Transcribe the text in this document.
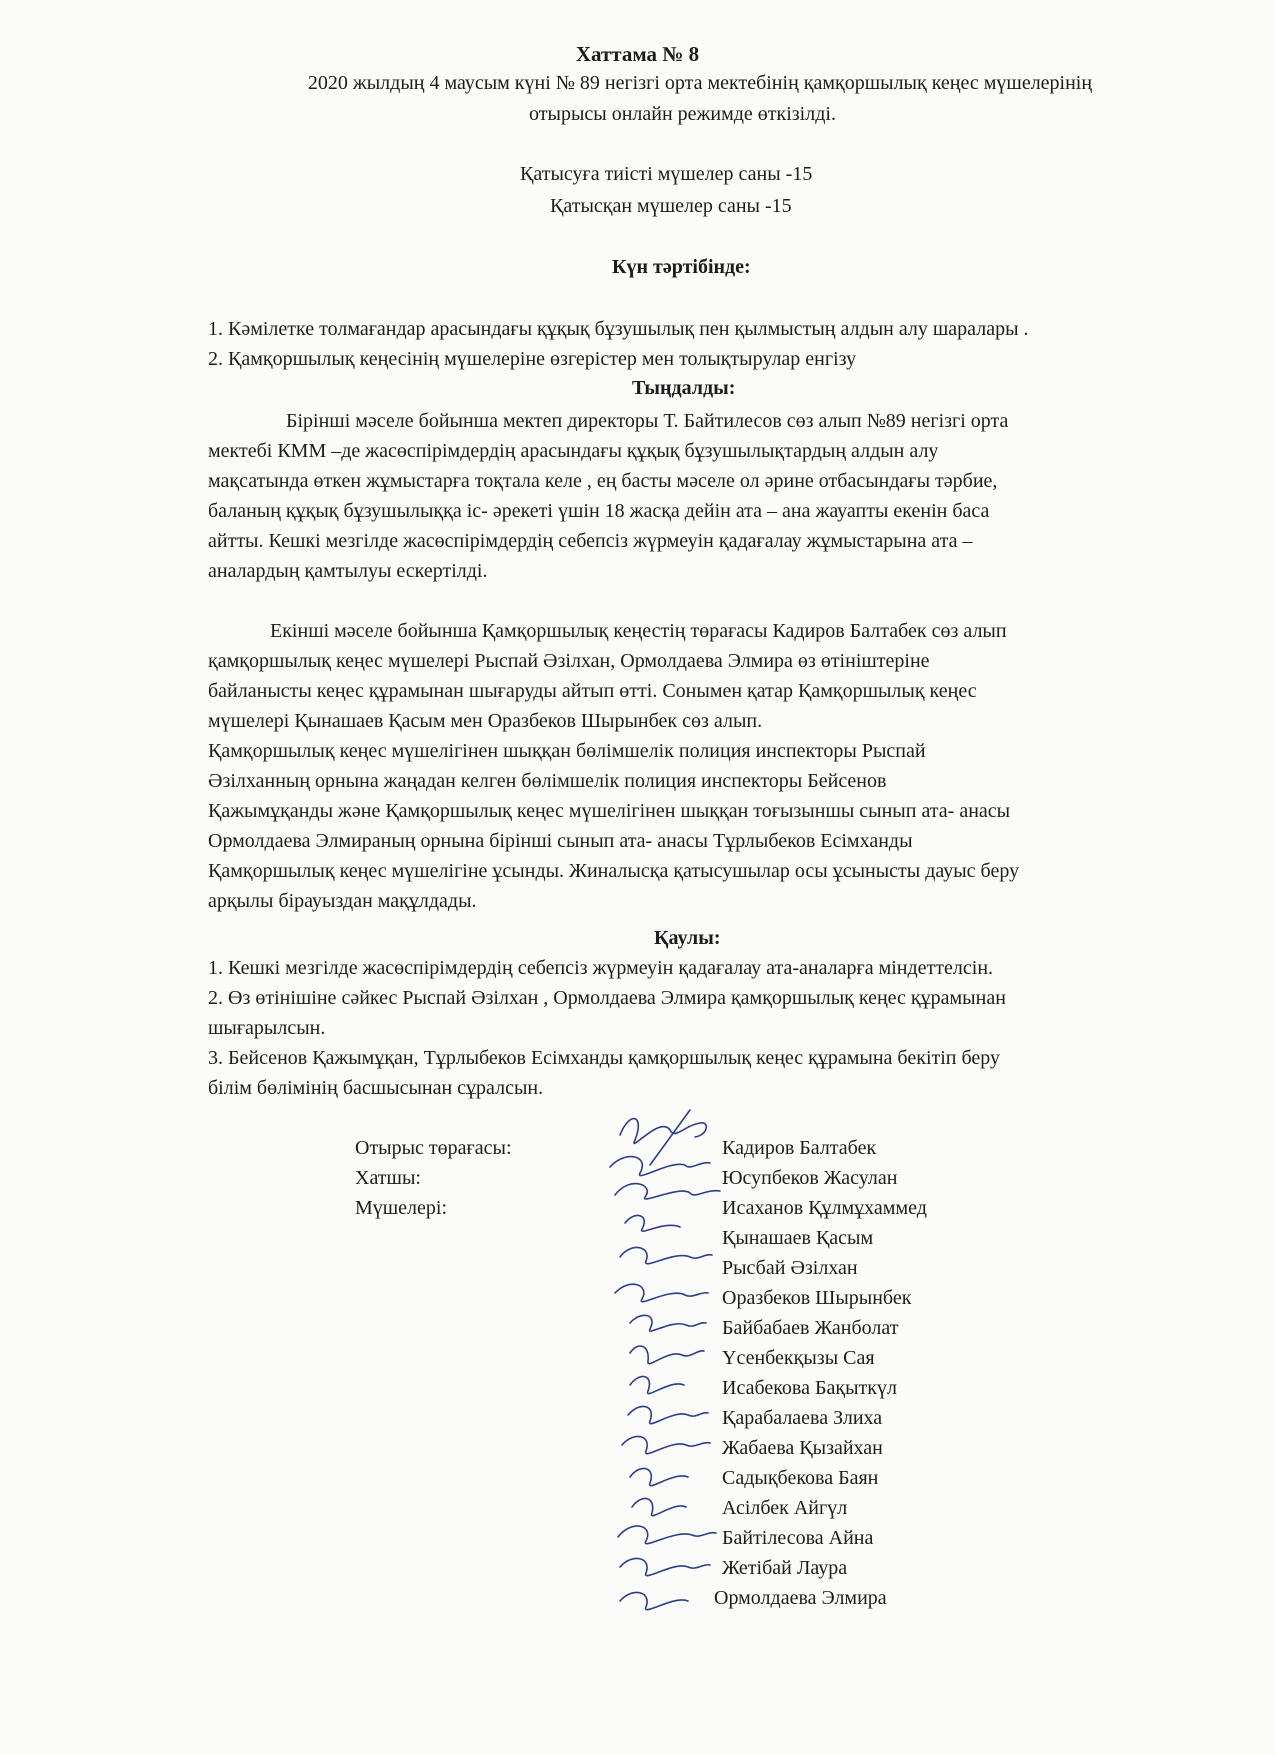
Хаттама № 8
2020 жылдың 4 маусым күні № 89 негізгі орта мектебінің қамқоршылық кеңес мүшелерінің
отырысы онлайн режимде өткізілді.
Қатысуға тиісті мүшелер саны -15
Қатысқан мүшелер саны -15
Күн тәртібінде:
1. Кәмілетке толмағандар арасындағы құқық бұзушылық пен қылмыстың алдын алу шаралары .
2. Қамқоршылық кеңесінің мүшелеріне өзгерістер мен толықтырулар енгізу
Тыңдалды:
Бірінші мәселе бойынша мектеп директоры Т. Байтилесов сөз алып №89 негізгі орта
мектебі КММ –де жасөспірімдердің арасындағы құқық бұзушылықтардың алдын алу
мақсатында өткен жұмыстарға тоқтала келе , ең басты мәселе ол әрине отбасындағы тәрбие,
баланың құқық бұзушылыққа іс- әрекеті үшін 18 жасқа дейін ата – ана жауапты екенін баса
айтты. Кешкі мезгілде жасөспірімдердің себепсіз жүрмеуін қадағалау жұмыстарына ата –
аналардың қамтылуы ескертілді.
Екінші мәселе бойынша Қамқоршылық кеңестің төрағасы Кадиров Балтабек сөз алып
қамқоршылық кеңес мүшелері Рыспай Әзілхан, Ормолдаева Элмира өз өтініштеріне
байланысты кеңес құрамынан шығаруды айтып өтті. Сонымен қатар Қамқоршылық кеңес
мүшелері Қынашаев Қасым мен Оразбеков Шырынбек сөз алып.
Қамқоршылық кеңес мүшелігінен шыққан бөлімшелік полиция инспекторы Рыспай
Әзілханның орнына жаңадан келген бөлімшелік полиция инспекторы Бейсенов
Қажымұқанды және Қамқоршылық кеңес мүшелігінен шыққан тоғызыншы сынып ата- анасы
Ормолдаева Элмираның орнына бірінші сынып ата- анасы Тұрлыбеков Есімханды
Қамқоршылық кеңес мүшелігіне ұсынды. Жиналысқа қатысушылар осы ұсынысты дауыс беру
арқылы бірауыздан мақұлдады.
Қаулы:
1. Кешкі мезгілде жасөспірімдердің себепсіз жүрмеуін қадағалау ата-аналарға міндеттелсін.
2. Өз өтінішіне сәйкес Рыспай Әзілхан , Ормолдаева Элмира қамқоршылық кеңес құрамынан
шығарылсын.
3. Бейсенов Қажымұқан, Тұрлыбеков Есімханды қамқоршылық кеңес құрамына бекітіп беру
білім бөлімінің басшысынан сұралсын.
Отырыс төрағасы:
Хатшы:
Мүшелері:
Кадиров Балтабек
Юсупбеков Жасулан
Исаханов Құлмұхаммед
Қынашаев Қасым
Рысбай Әзілхан
Оразбеков Шырынбек
Байбабаев Жанболат
Үсенбекқызы Сая
Исабекова Бақыткүл
Қарабалаева Злиха
Жабаева Қызайхан
Садықбекова Баян
Асілбек Айгүл
Байтілесова Айна
Жетібай Лаура
Ормолдаева Элмира
